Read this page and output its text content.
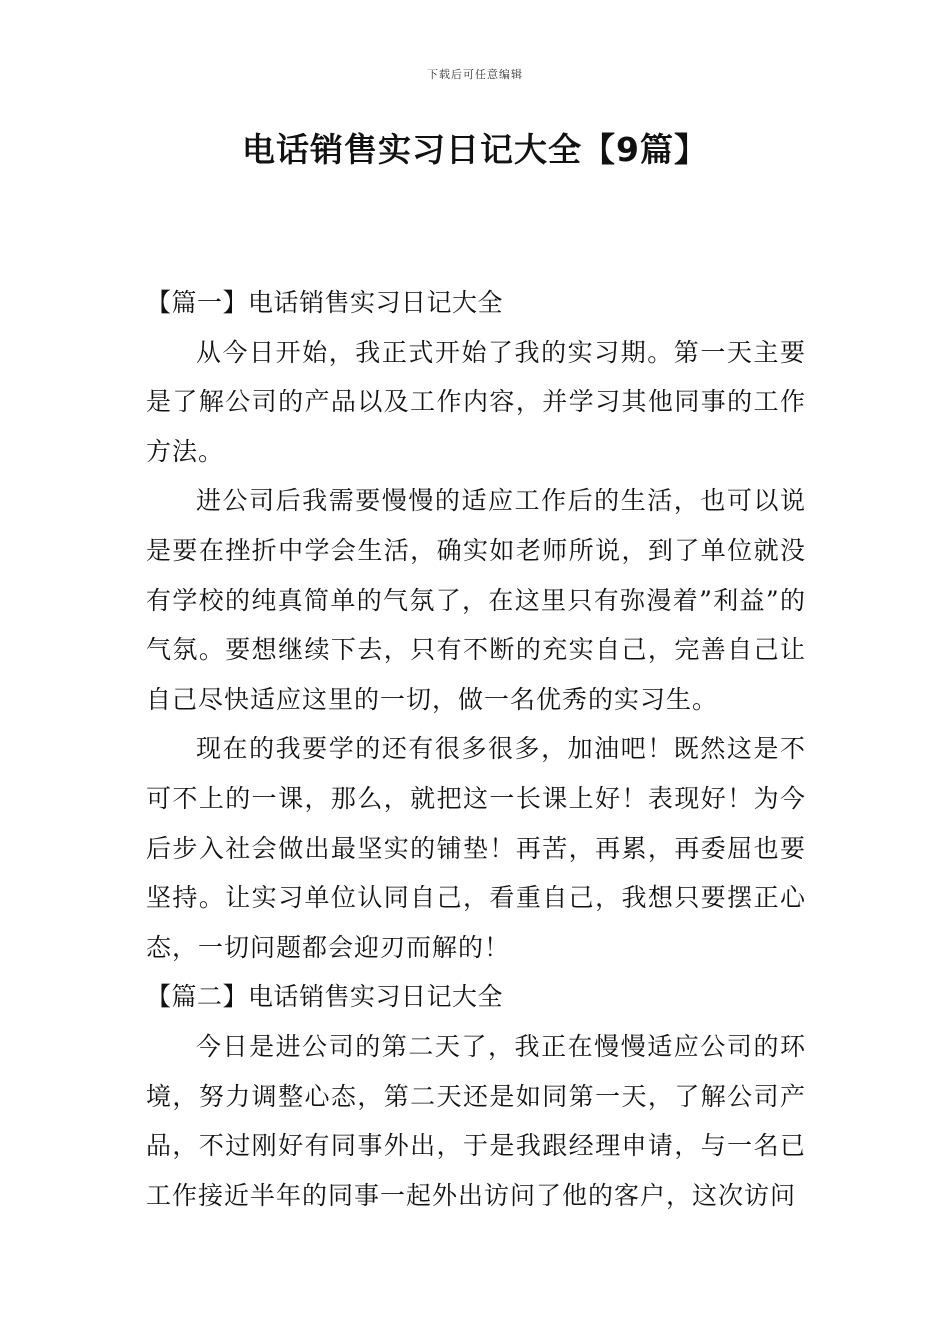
下载后可任意编辑
电话销售实习日记大全【9篇】
【篇一】电话销售实习日记大全

从今日开始，我正式开始了我的实习期。第一天主要是了解公司的产品以及工作内容，并学习其他同事的工作方法。

进公司后我需要慢慢的适应工作后的生活，也可以说是要在挫折中学会生活，确实如老师所说，到了单位就没有学校的纯真简单的气氛了，在这里只有弥漫着”利益”的气氛。要想继续下去，只有不断的充实自己，完善自己让自己尽快适应这里的一切，做一名优秀的实习生。

现在的我要学的还有很多很多，加油吧！既然这是不可不上的一课，那么，就把这一长课上好！表现好！为今后步入社会做出最坚实的铺垫！再苦，再累，再委屈也要坚持。让实习单位认同自己，看重自己，我想只要摆正心态，一切问题都会迎刃而解的！

【篇二】电话销售实习日记大全

今日是进公司的第二天了，我正在慢慢适应公司的环境，努力调整心态，第二天还是如同第一天，了解公司产品，不过刚好有同事外出，于是我跟经理申请，与一名已工作接近半年的同事一起外出访问了他的客户，这次访问
